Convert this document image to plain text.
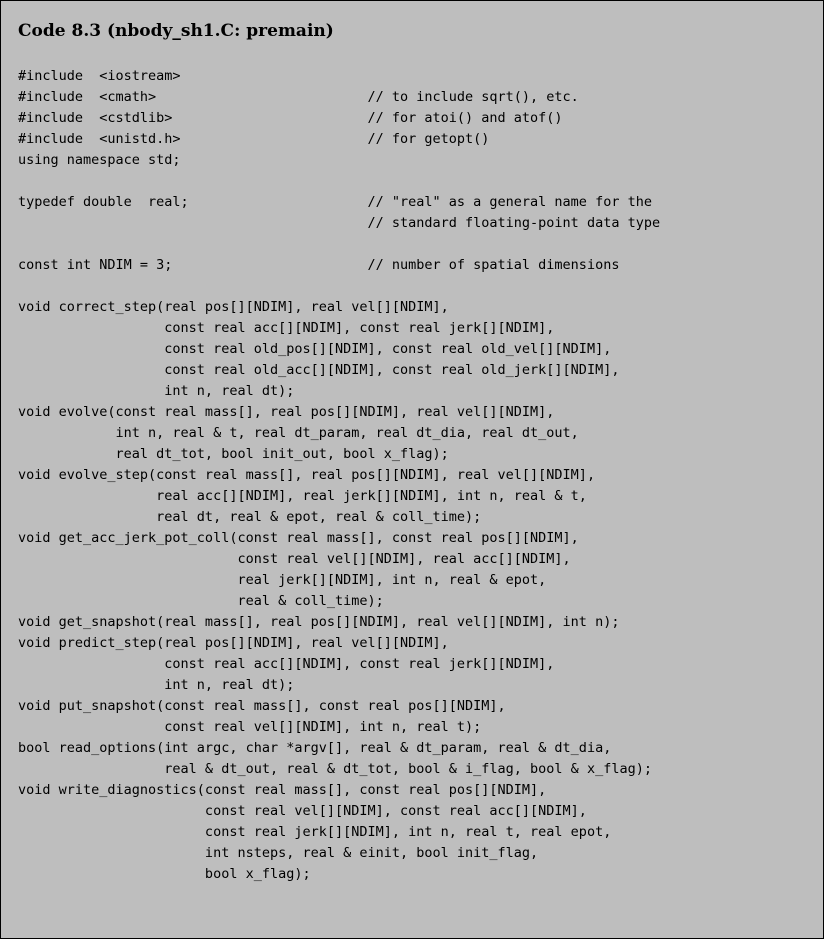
Code 8.3 (nbody_sh1.C: premain)
#include  <iostream>
#include  <cmath>                          // to include sqrt(), etc.
#include  <cstdlib>                        // for atoi() and atof()
#include  <unistd.h>                       // for getopt()
using namespace std;
typedef double  real;                      // "real" as a general name for the
// standard floating-point data type
const int NDIM = 3;                        // number of spatial dimensions
void correct_step(real pos[][NDIM], real vel[][NDIM],
const real acc[][NDIM], const real jerk[][NDIM],
const real old_pos[][NDIM], const real old_vel[][NDIM],
const real old_acc[][NDIM], const real old_jerk[][NDIM],
int n, real dt);
void evolve(const real mass[], real pos[][NDIM], real vel[][NDIM],
int n, real & t, real dt_param, real dt_dia, real dt_out,
real dt_tot, bool init_out, bool x_flag);
void evolve_step(const real mass[], real pos[][NDIM], real vel[][NDIM],
real acc[][NDIM], real jerk[][NDIM], int n, real & t,
real dt, real & epot, real & coll_time);
void get_acc_jerk_pot_coll(const real mass[], const real pos[][NDIM],
const real vel[][NDIM], real acc[][NDIM],
real jerk[][NDIM], int n, real & epot,
real & coll_time);
void get_snapshot(real mass[], real pos[][NDIM], real vel[][NDIM], int n);
void predict_step(real pos[][NDIM], real vel[][NDIM],
const real acc[][NDIM], const real jerk[][NDIM],
int n, real dt);
void put_snapshot(const real mass[], const real pos[][NDIM],
const real vel[][NDIM], int n, real t);
bool read_options(int argc, char *argv[], real & dt_param, real & dt_dia,
real & dt_out, real & dt_tot, bool & i_flag, bool & x_flag);
void write_diagnostics(const real mass[], const real pos[][NDIM],
const real vel[][NDIM], const real acc[][NDIM],
const real jerk[][NDIM], int n, real t, real epot,
int nsteps, real & einit, bool init_flag,
bool x_flag);
